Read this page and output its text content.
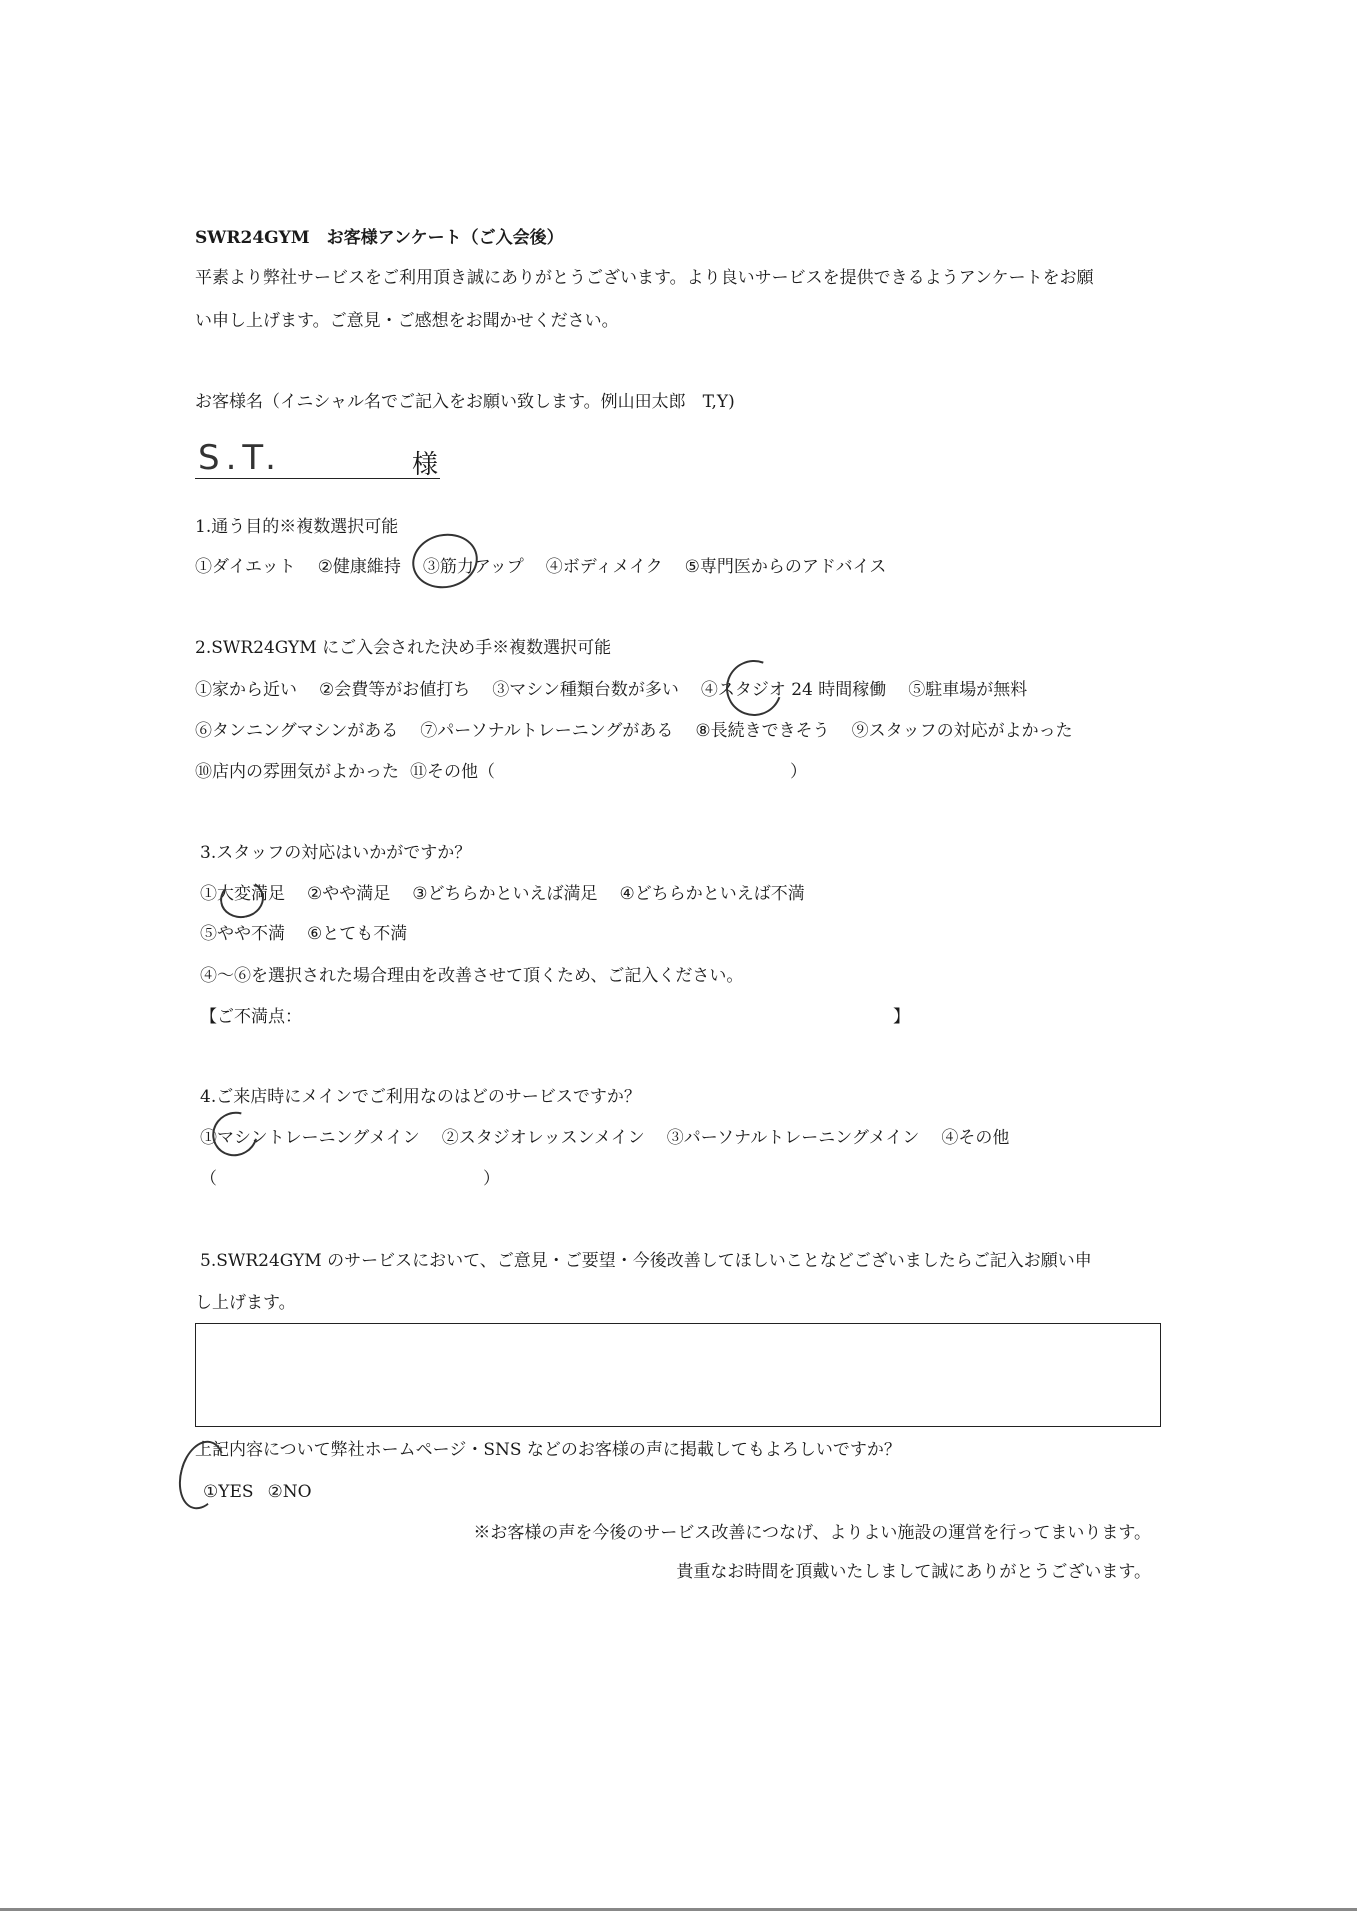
SWR24GYM　お客様アンケート（ご入会後）
平素より弊社サービスをご利用頂き誠にありがとうございます。より良いサービスを提供できるようアンケートをお願
い申し上げます。ご意見・ご感想をお聞かせください。
お客様名（イニシャル名でご記入をお願い致します。例山田太郎　T,Y)
S.T.	様
1.通う目的※複数選択可能
①ダイエット ②健康維持 ③筋力アップ ④ボディメイク ⑤専門医からのアドバイス
2.SWR24GYM にご入会された決め手※複数選択可能
①家から近い ②会費等がお値打ち ③マシン種類台数が多い ④スタジオ 24 時間稼働 ⑤駐車場が無料
⑥タンニングマシンがある ⑦パーソナルトレーニングがある ⑧長続きできそう ⑨スタッフの対応がよかった
⑩店内の雰囲気がよかった ⑪その他（	）
3.スタッフの対応はいかがですか？
①大変満足 ②やや満足 ③どちらかといえば満足 ④どちらかといえば不満
⑤やや不満 ⑥とても不満
④～⑥を選択された場合理由を改善させて頂くため、ご記入ください。
【ご不満点：	】
4.ご来店時にメインでご利用なのはどのサービスですか？
①マシントレーニングメイン ②スタジオレッスンメイン ③パーソナルトレーニングメイン ④その他
（	）
5.SWR24GYM のサービスにおいて、ご意見・ご要望・今後改善してほしいことなどございましたらご記入お願い申
し上げます。
上記内容について弊社ホームページ・SNS などのお客様の声に掲載してもよろしいですか？
①YES ②NO
※お客様の声を今後のサービス改善につなげ、よりよい施設の運営を行ってまいります。
貴重なお時間を頂戴いたしまして誠にありがとうございます。
